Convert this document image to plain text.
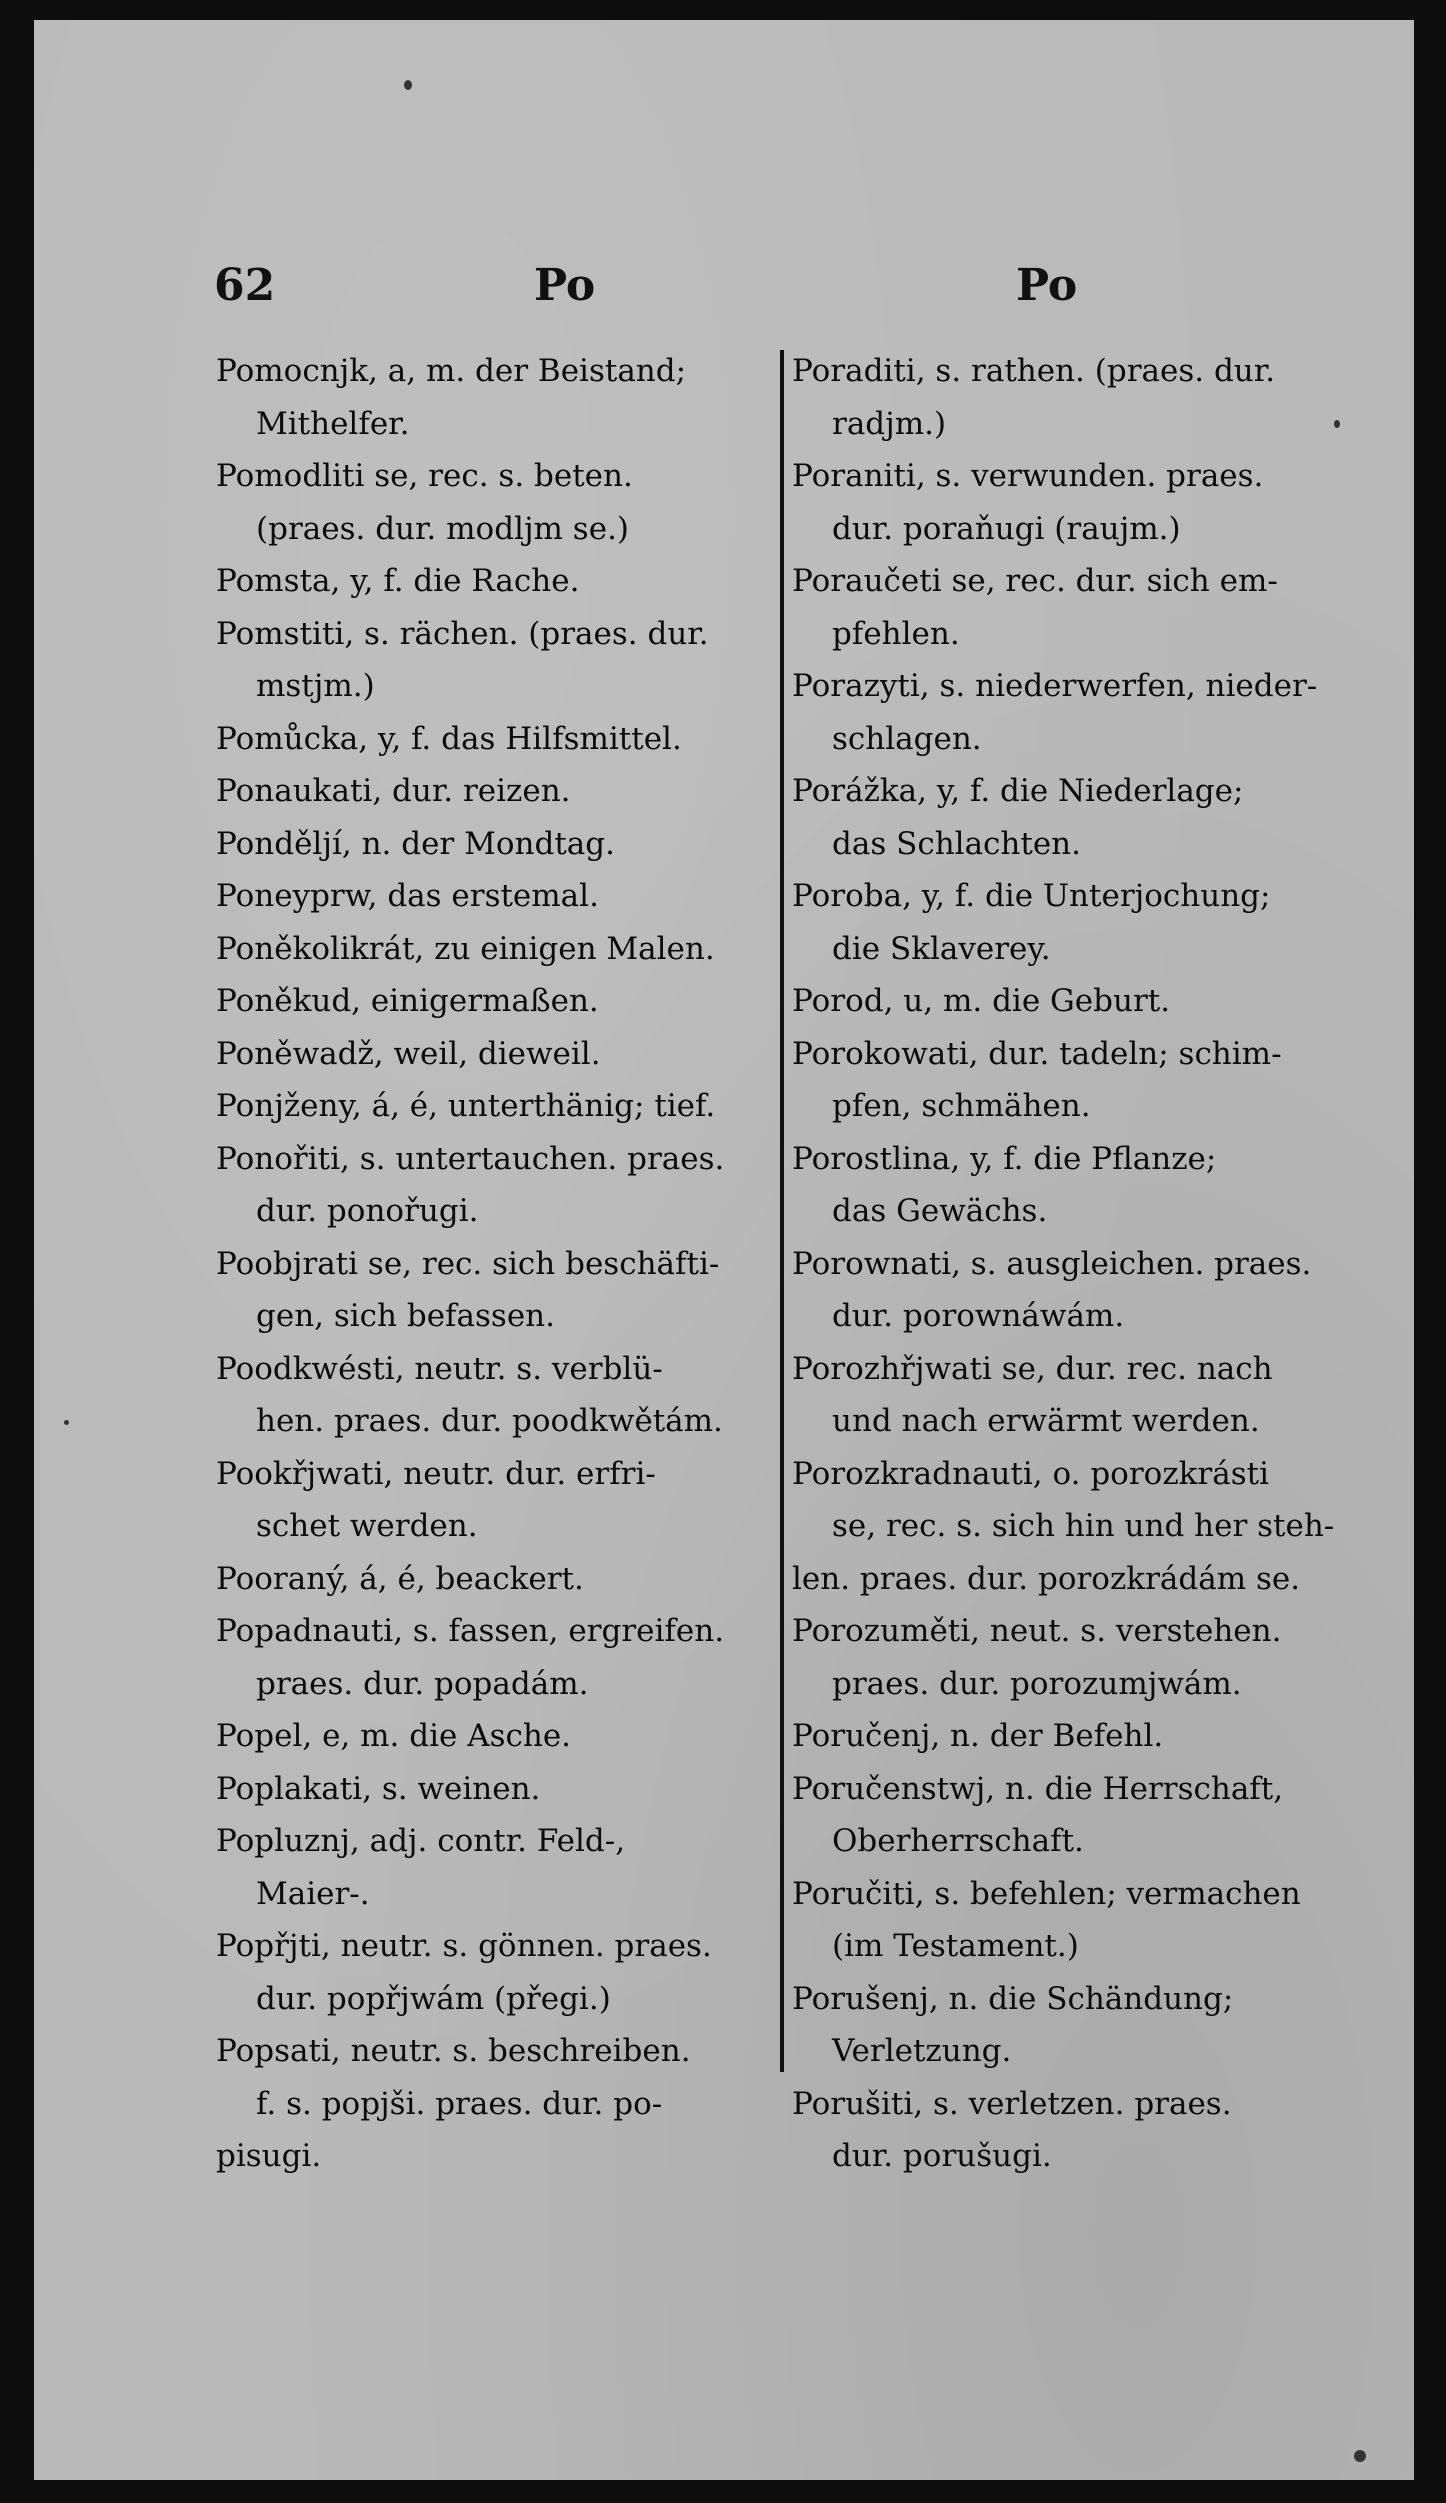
62	Po	Po
Pomocnjk, a, m. der Beistand;
Mithelfer.
Pomodliti se, rec. s. beten.
(praes. dur. modljm se.)
Pomsta, y, f. die Rache.
Pomstiti, s. rächen. (praes. dur.
mstjm.)
Pomůcka, y, f. das Hilfsmittel.
Ponaukati, dur. reizen.
Ponděljí, n. der Mondtag.
Poneyprw, das erstemal.
Poněkolikrát, zu einigen Malen.
Poněkud, einigermaßen.
Poněwadž, weil, dieweil.
Ponjženy, á, é, unterthänig; tief.
Ponořiti, s. untertauchen. praes.
dur. ponořugi.
Poobjrati se, rec. sich beschäfti-
gen, sich befassen.
Poodkwésti, neutr. s. verblü-
hen. praes. dur. poodkwětám.
Pookřjwati, neutr. dur. erfri-
schet werden.
Pooraný, á, é, beackert.
Popadnauti, s. fassen, ergreifen.
praes. dur. popadám.
Popel, e, m. die Asche.
Poplakati, s. weinen.
Popluznj, adj. contr. Feld-,
Maier-.
Popřjti, neutr. s. gönnen. praes.
dur. popřjwám (přegi.)
Popsati, neutr. s. beschreiben.
f. s. popjši. praes. dur. po-
pisugi.
Poraditi, s. rathen. (praes. dur.
radjm.)
Poraniti, s. verwunden. praes.
dur. poraňugi (raujm.)
Poraučeti se, rec. dur. sich em-
pfehlen.
Porazyti, s. niederwerfen, nieder-
schlagen.
Porážka, y, f. die Niederlage;
das Schlachten.
Poroba, y, f. die Unterjochung;
die Sklaverey.
Porod, u, m. die Geburt.
Porokowati, dur. tadeln; schim-
pfen, schmähen.
Porostlina, y, f. die Pflanze;
das Gewächs.
Porownati, s. ausgleichen. praes.
dur. porownáwám.
Porozhřjwati se, dur. rec. nach
und nach erwärmt werden.
Porozkradnauti, o. porozkrásti
se, rec. s. sich hin und her steh-
len. praes. dur. porozkrádám se.
Porozuměti, neut. s. verstehen.
praes. dur. porozumjwám.
Poručenj, n. der Befehl.
Poručenstwj, n. die Herrschaft,
Oberherrschaft.
Poručiti, s. befehlen; vermachen
(im Testament.)
Porušenj, n. die Schändung;
Verletzung.
Porušiti, s. verletzen. praes.
dur. porušugi.
